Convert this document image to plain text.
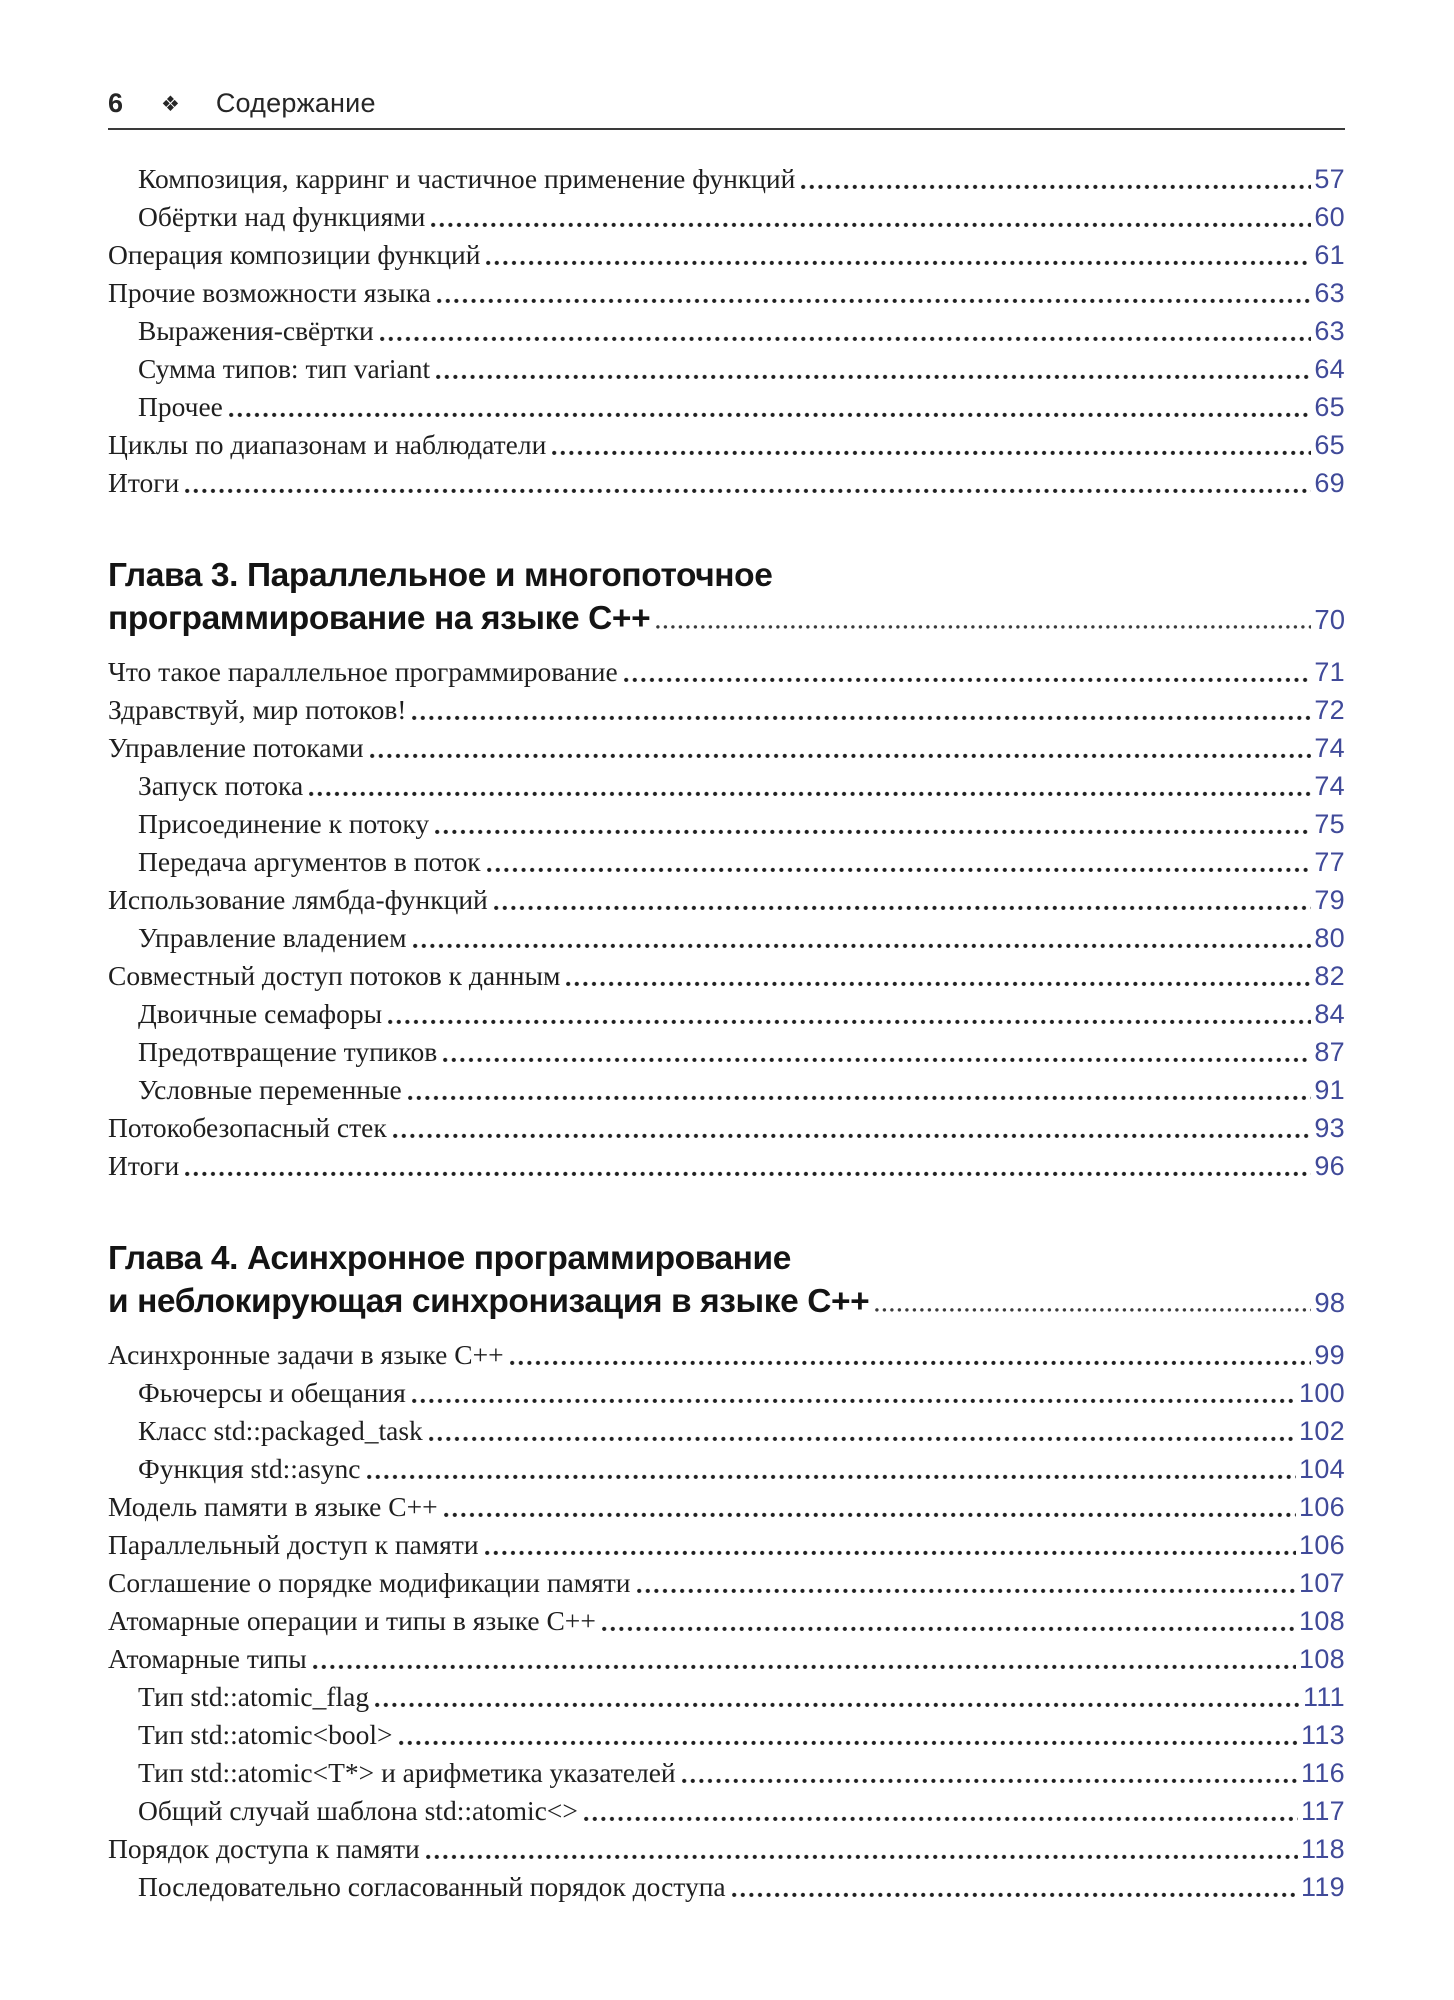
6 ❖ Содержание
Композиция, карринг и частичное применение функций	57
Обёртки над функциями	60
Операция композиции функций	61
Прочие возможности языка	63
Выражения-свёртки	63
Сумма типов: тип variant	64
Прочее	65
Циклы по диапазонам и наблюдатели	65
Итоги	69
Глава 3. Параллельное и многопоточное
программирование на языке C++	70
Что такое параллельное программирование	71
Здравствуй, мир потоков!	72
Управление потоками	74
Запуск потока	74
Присоединение к потоку	75
Передача аргументов в поток	77
Использование лямбда-функций	79
Управление владением	80
Совместный доступ потоков к данным	82
Двоичные семафоры	84
Предотвращение тупиков	87
Условные переменные	91
Потокобезопасный стек	93
Итоги	96
Глава 4. Асинхронное программирование
и неблокирующая синхронизация в языке C++	98
Асинхронные задачи в языке C++	99
Фьючерсы и обещания	100
Класс std::packaged_task	102
Функция std::async	104
Модель памяти в языке C++	106
Параллельный доступ к памяти	106
Соглашение о порядке модификации памяти	107
Атомарные операции и типы в языке C++	108
Атомарные типы	108
Тип std::atomic_flag	111
Тип std::atomic<bool>	113
Тип std::atomic<T*> и арифметика указателей	116
Общий случай шаблона std::atomic<>	117
Порядок доступа к памяти	118
Последовательно согласованный порядок доступа	119
